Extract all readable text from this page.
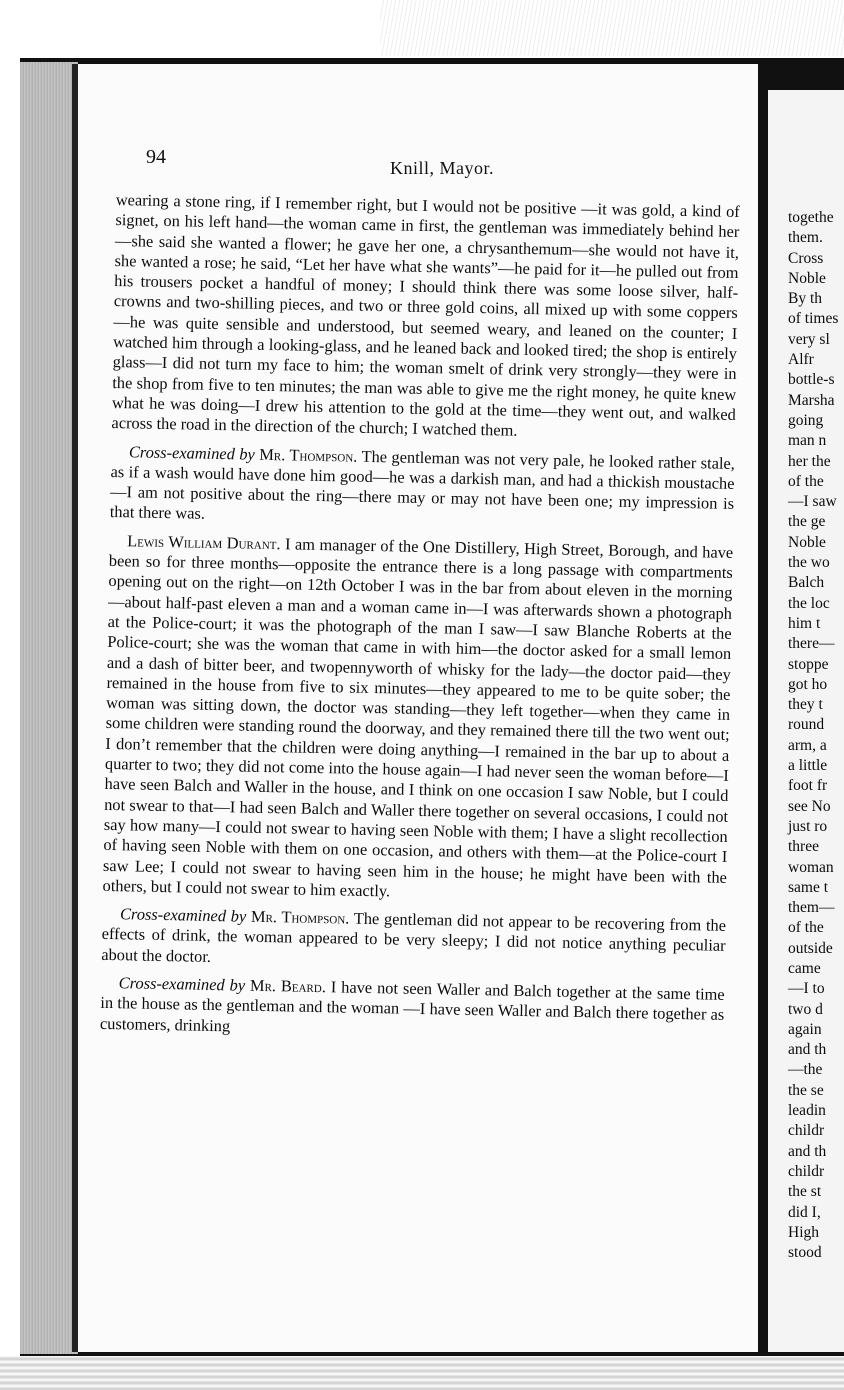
94	Knill, Mayor.

wearing a stone ring, if I remember right, but I would not be positive —it was gold, a kind of signet, on his left hand—the woman came in first, the gentleman was immediately behind her—she said she wanted a flower; he gave her one, a chrysanthemum—she would not have it, she wanted a rose; he said, “Let her have what she wants”—he paid for it—he pulled out from his trousers pocket a handful of money; I should think there was some loose silver, half-crowns and two-shilling pieces, and two or three gold coins, all mixed up with some coppers—he was quite sensible and understood, but seemed weary, and leaned on the counter; I watched him through a looking-glass, and he leaned back and looked tired; the shop is entirely glass—I did not turn my face to him; the woman smelt of drink very strongly—they were in the shop from five to ten minutes; the man was able to give me the right money, he quite knew what he was doing—I drew his attention to the gold at the time—they went out, and walked across the road in the direction of the church; I watched them.

Cross-examined by Mr. Thompson. The gentleman was not very pale, he looked rather stale, as if a wash would have done him good—he was a darkish man, and had a thickish moustache—I am not positive about the ring—there may or may not have been one; my impression is that there was.

Lewis William Durant. I am manager of the One Distillery, High Street, Borough, and have been so for three months—opposite the entrance there is a long passage with compartments opening out on the right—on 12th October I was in the bar from about eleven in the morning—about half-past eleven a man and a woman came in—I was afterwards shown a photograph at the Police-court; it was the photograph of the man I saw—I saw Blanche Roberts at the Police-court; she was the woman that came in with him—the doctor asked for a small lemon and a dash of bitter beer, and twopennyworth of whisky for the lady—the doctor paid—they remained in the house from five to six minutes—they appeared to me to be quite sober; the woman was sitting down, the doctor was standing—they left together—when they came in some children were standing round the doorway, and they remained there till the two went out; I don’t remember that the children were doing anything—I remained in the bar up to about a quarter to two; they did not come into the house again—I had never seen the woman before—I have seen Balch and Waller in the house, and I think on one occasion I saw Noble, but I could not swear to that—I had seen Balch and Waller there together on several occasions, I could not say how many—I could not swear to having seen Noble with them; I have a slight recollection of having seen Noble with them on one occasion, and others with them—at the Police-court I saw Lee; I could not swear to having seen him in the house; he might have been with the others, but I could not swear to him exactly.

Cross-examined by Mr. Thompson. The gentleman did not appear to be recovering from the effects of drink, the woman appeared to be very sleepy; I did not notice anything peculiar about the doctor.

Cross-examined by Mr. Beard. I have not seen Waller and Balch together at the same time in the house as the gentleman and the woman —I have seen Waller and Balch there together as customers, drinking

togethe
them.
Cross
Noble
By th
of times
very sl
Alfr
bottle-s
Marsha
going
man n
her the
of the
—I saw
the ge
Noble
the wo
Balch
the loc
him t
there—
stoppe
got ho
they t
round
arm, a
a little
foot fr
see No
just ro
three
woman
same t
them—
of the
outside
came
—I to
two d
again
and th
—the
the se
leadin
childr
and th
childr
the st
did I,
High
stood
